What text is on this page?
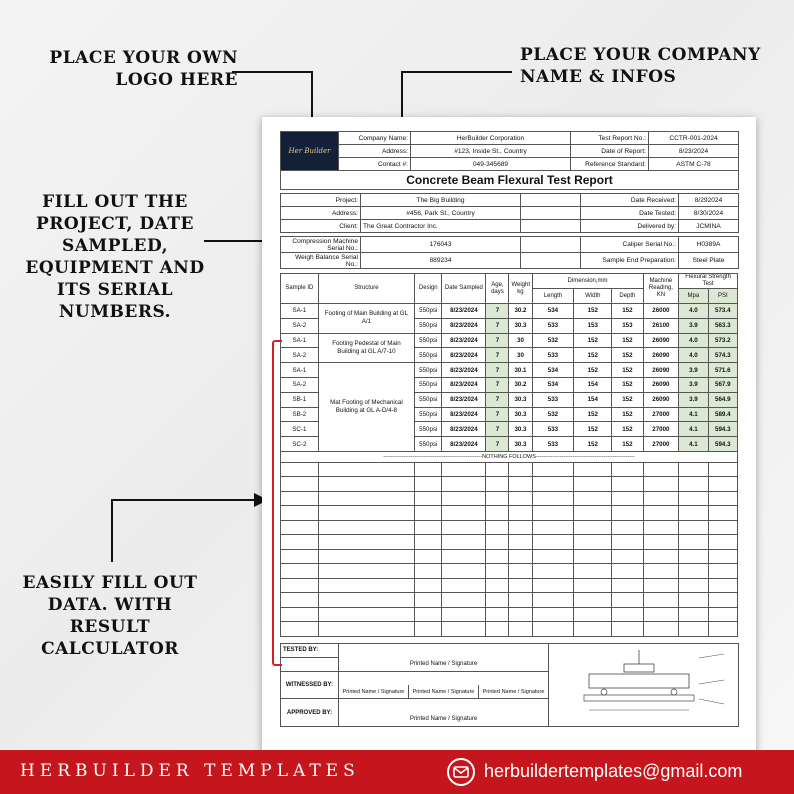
PLACE YOUR OWN LOGO HERE
PLACE YOUR COMPANY NAME & INFOS
FILL OUT THE PROJECT, DATE SAMPLED, EQUIPMENT AND ITS SERIAL NUMBERS.
EASILY FILL OUT DATA. WITH RESULT CALCULATOR
Her Builder	Company Name:	HerBuilder Corporation	Test Report No.:	CCTR-001-2024
	Address:	#123, Inside St., Country	Date of Report:	8/23/2024
	Contact #:	049-345689	Reference Standard:	ASTM C-78
Concrete Beam Flexural Test Report				
Project:	The Big Building		Date Received:	8/292024
Address:	#456, Park St., Country		Date Tested:	8/30/2024
Client:	The Great Contractor Inc.		Delivered by:	JCMINA
Compression Machine Serial No.:	176043		Caliper Serial No.:	H0389A
Weigh Balance Serial No.:	889234		Sample End Preparation:	Steel Plate
Sample ID	Structure	Design	Date Sampled	Age, days	Weight kg	Dimension,mm			Machine Reading, KN	Flexural Strength Test	
						Length	Width	Depth		Mpa	PSI
SA-1	Footing of Main Building at GL A/1	550psi	8/23/2024	7	30.2	534	152	152	26000	4.0	573.4
SA-2		550psi	8/23/2024	7	30.3	533	153	153	26100	3.9	563.3
SA-1	Footing Pedestal of Main Building at GL A/7-10	550psi	8/23/2024	7	30	532	152	152	26090	4.0	573.2
SA-2		550psi	8/23/2024	7	30	533	152	152	26090	4.0	574.3
SA-1	Mat Footing of Mechanical Building at GL A-D/4-8	550psi	8/23/2024	7	30.1	534	152	152	26090	3.9	571.6
SA-2		550psi	8/23/2024	7	30.2	534	154	152	26090	3.9	567.9
SB-1		550psi	8/23/2024	7	30.3	533	154	152	26090	3.9	564.9
SB-2		550psi	8/23/2024	7	30.3	532	152	152	27000	4.1	589.4
SC-1		550psi	8/23/2024	7	30.3	533	152	152	27000	4.1	594.3
SC-2		550psi	8/23/2024	7	30.3	533	152	152	27000	4.1	594.3
------------------------------------------------------NOTHING FOLLOWS------------------------------------------------------											

TESTED BY:		
	Printed Name / Signature			
WITNESSED BY:				
	Printed Name / Signature	Printed Name / Signature	Printed Name / Signature	
APPROVED BY:				
	Printed Name / Signature			
HERBUILDER TEMPLATES	herbuildertemplates@gmail.com
